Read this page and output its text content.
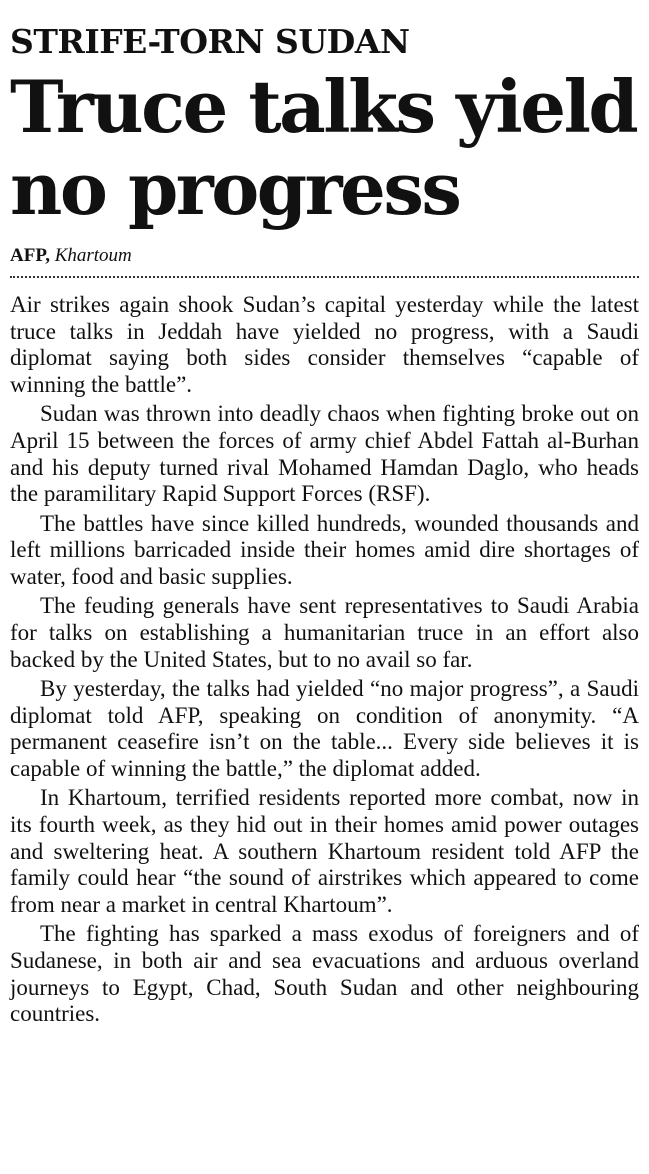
STRIFE-TORN SUDAN
Truce talks yield no progress
AFP, Khartoum

Air strikes again shook Sudan’s capital yesterday while the latest truce talks in Jeddah have yielded no progress, with a Saudi diplomat saying both sides consider themselves “capable of winning the battle”.

Sudan was thrown into deadly chaos when fighting broke out on April 15 between the forces of army chief Abdel Fattah al-Burhan and his deputy turned rival Mohamed Hamdan Daglo, who heads the paramilitary Rapid Support Forces (RSF).

The battles have since killed hundreds, wounded thousands and left millions barricaded inside their homes amid dire shortages of water, food and basic supplies.

The feuding generals have sent representatives to Saudi Arabia for talks on establishing a humanitarian truce in an effort also backed by the United States, but to no avail so far.

By yesterday, the talks had yielded “no major progress”, a Saudi diplomat told AFP, speaking on condition of anonymity. “A permanent ceasefire isn’t on the table... Every side believes it is capable of winning the battle,” the diplomat added.

In Khartoum, terrified residents reported more combat, now in its fourth week, as they hid out in their homes amid power outages and sweltering heat. A southern Khartoum resident told AFP the family could hear “the sound of airstrikes which appeared to come from near a market in central Khartoum”.

The fighting has sparked a mass exodus of foreigners and of Sudanese, in both air and sea evacuations and arduous overland journeys to Egypt, Chad, South Sudan and other neighbouring countries.
